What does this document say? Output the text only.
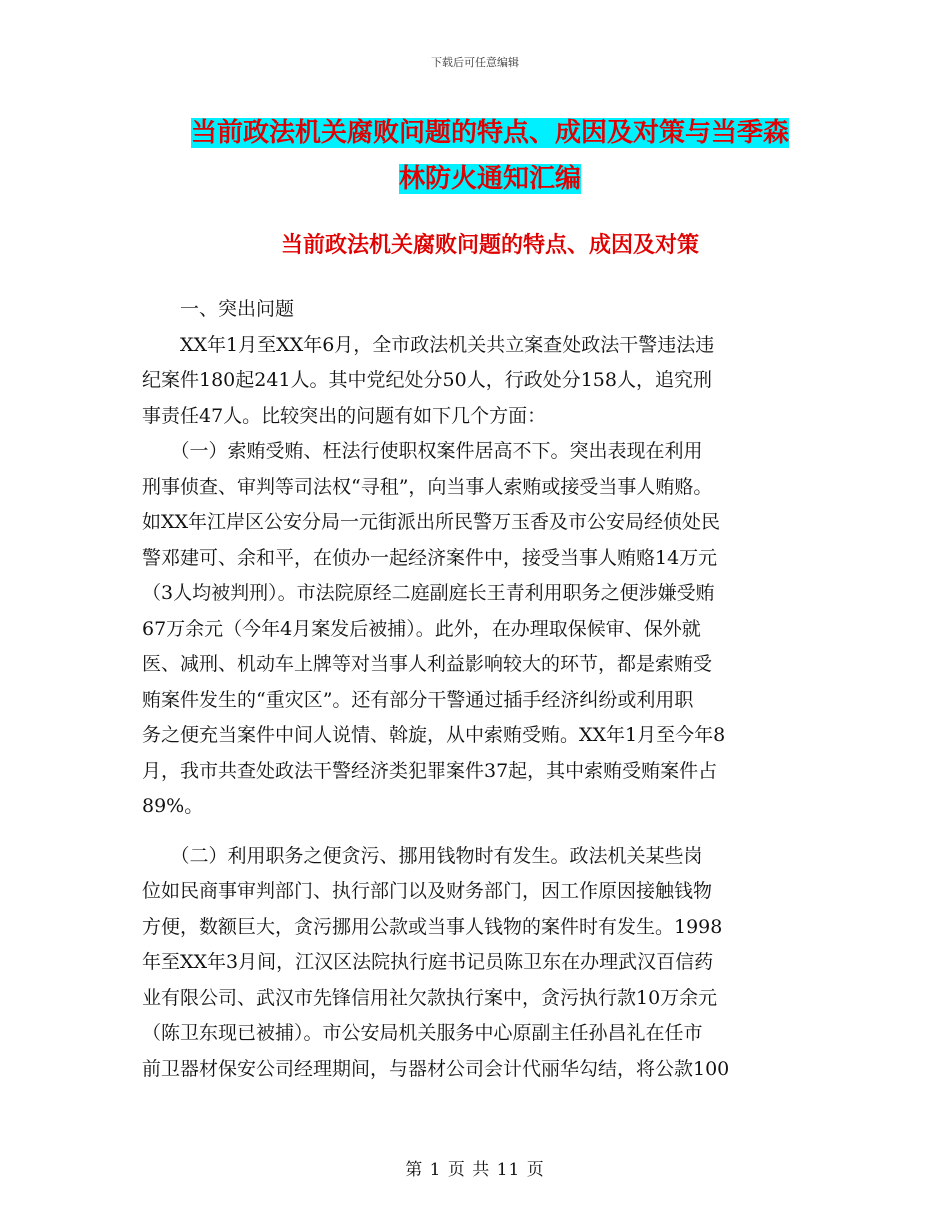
下载后可任意编辑
当前政法机关腐败问题的特点、成因及对策与当季森
林防火通知汇编
当前政法机关腐败问题的特点、成因及对策
　　一、突出问题
　　XX年1月至XX年6月，全市政法机关共立案查处政法干警违法违
纪案件180起241人。其中党纪处分50人，行政处分158人，追究刑
事责任47人。比较突出的问题有如下几个方面：
　　（一）索贿受贿、枉法行使职权案件居高不下。突出表现在利用
刑事侦查、审判等司法权“寻租”，向当事人索贿或接受当事人贿赂。
如XX年江岸区公安分局一元街派出所民警万玉香及市公安局经侦处民
警邓建可、余和平，在侦办一起经济案件中，接受当事人贿赂14万元
（3人均被判刑）。市法院原经二庭副庭长王青利用职务之便涉嫌受贿
67万余元（今年4月案发后被捕）。此外，在办理取保候审、保外就
医、减刑、机动车上牌等对当事人利益影响较大的环节，都是索贿受
贿案件发生的“重灾区”。还有部分干警通过插手经济纠纷或利用职
务之便充当案件中间人说情、斡旋，从中索贿受贿。XX年1月至今年8
月，我市共查处政法干警经济类犯罪案件37起，其中索贿受贿案件占
89%。
　　（二）利用职务之便贪污、挪用钱物时有发生。政法机关某些岗
位如民商事审判部门、执行部门以及财务部门，因工作原因接触钱物
方便，数额巨大，贪污挪用公款或当事人钱物的案件时有发生。1998
年至XX年3月间，江汉区法院执行庭书记员陈卫东在办理武汉百信药
业有限公司、武汉市先锋信用社欠款执行案中，贪污执行款10万余元
（陈卫东现已被捕）。市公安局机关服务中心原副主任孙昌礼在任市
前卫器材保安公司经理期间，与器材公司会计代丽华勾结，将公款100
第 1 页 共 11 页
